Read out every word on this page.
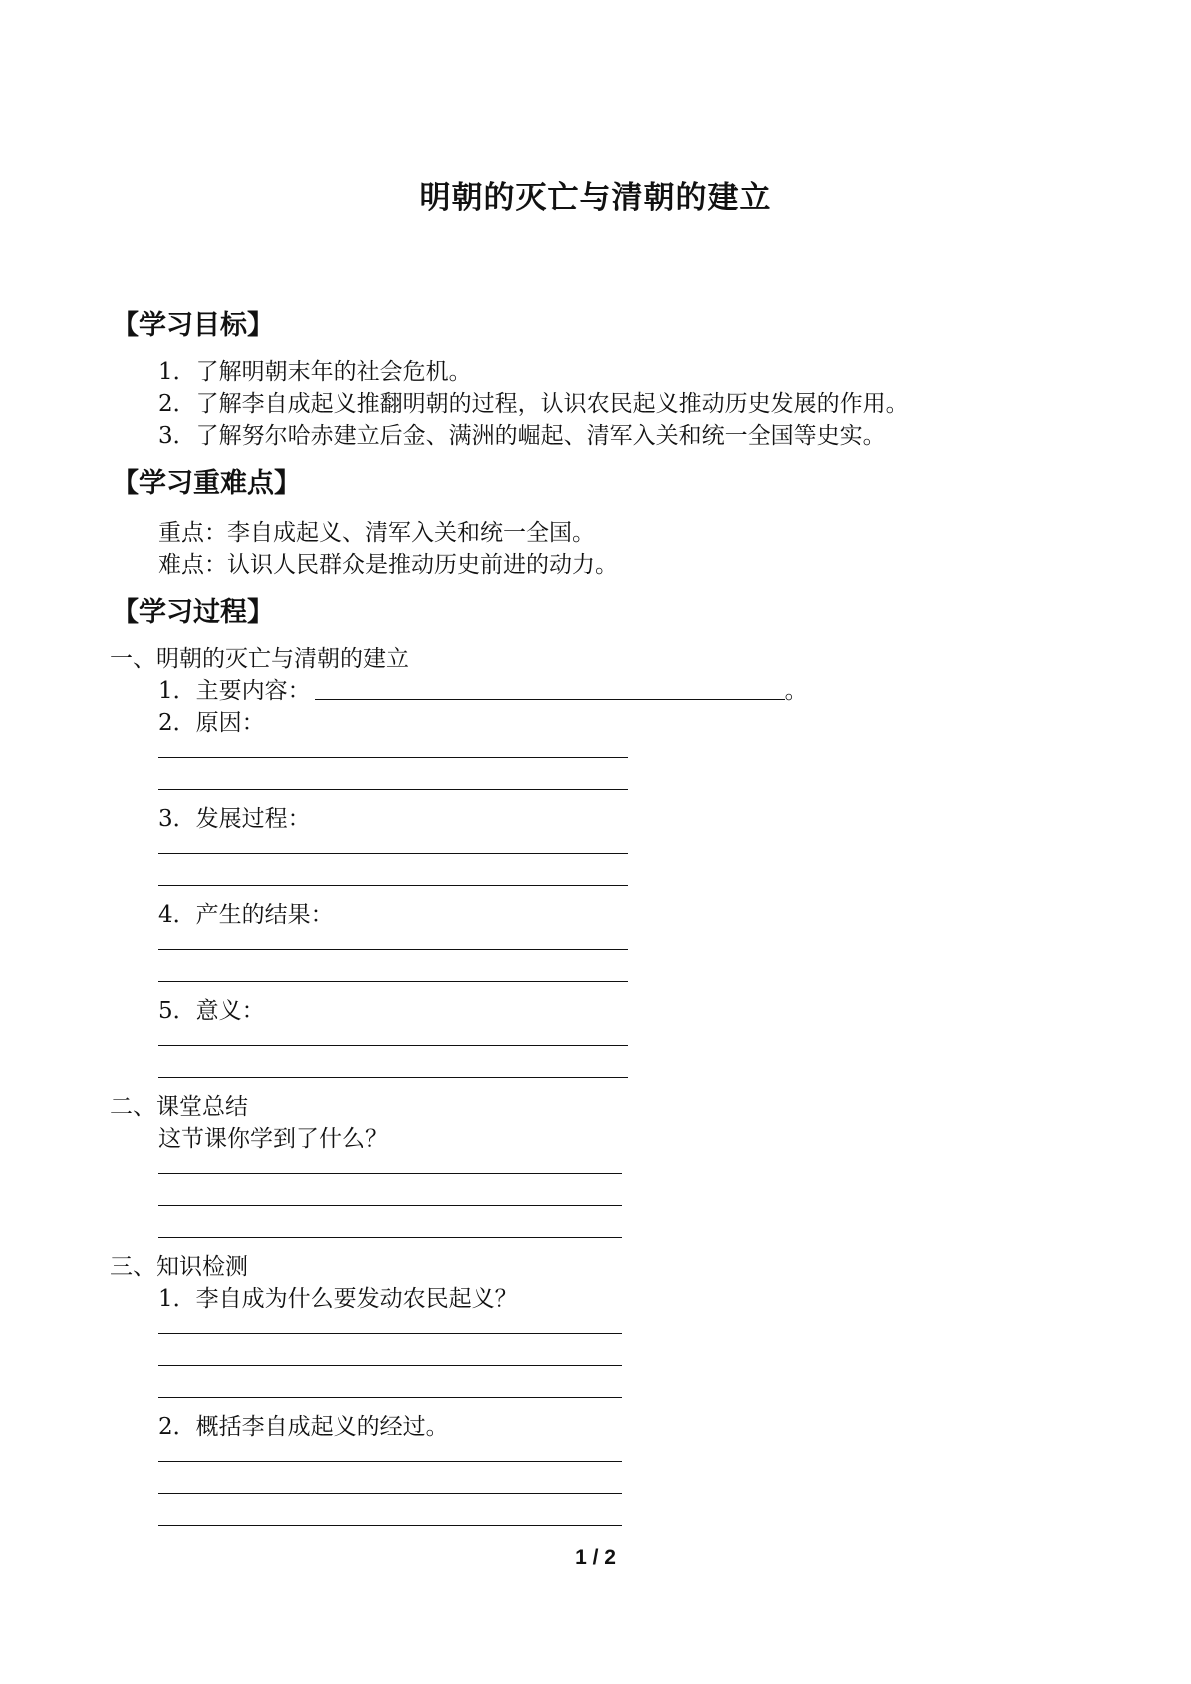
明朝的灭亡与清朝的建立
【学习目标】
1．了解明朝末年的社会危机。
2．了解李自成起义推翻明朝的过程，认识农民起义推动历史发展的作用。
3．了解努尔哈赤建立后金、满洲的崛起、清军入关和统一全国等史实。
【学习重难点】
重点：李自成起义、清军入关和统一全国。
难点：认识人民群众是推动历史前进的动力。
【学习过程】
一、明朝的灭亡与清朝的建立
1．主要内容：	。
2．原因：
3．发展过程：
4．产生的结果：
5．意义：
二、课堂总结
这节课你学到了什么？
三、知识检测
1．李自成为什么要发动农民起义？
2．概括李自成起义的经过。
1 / 2
